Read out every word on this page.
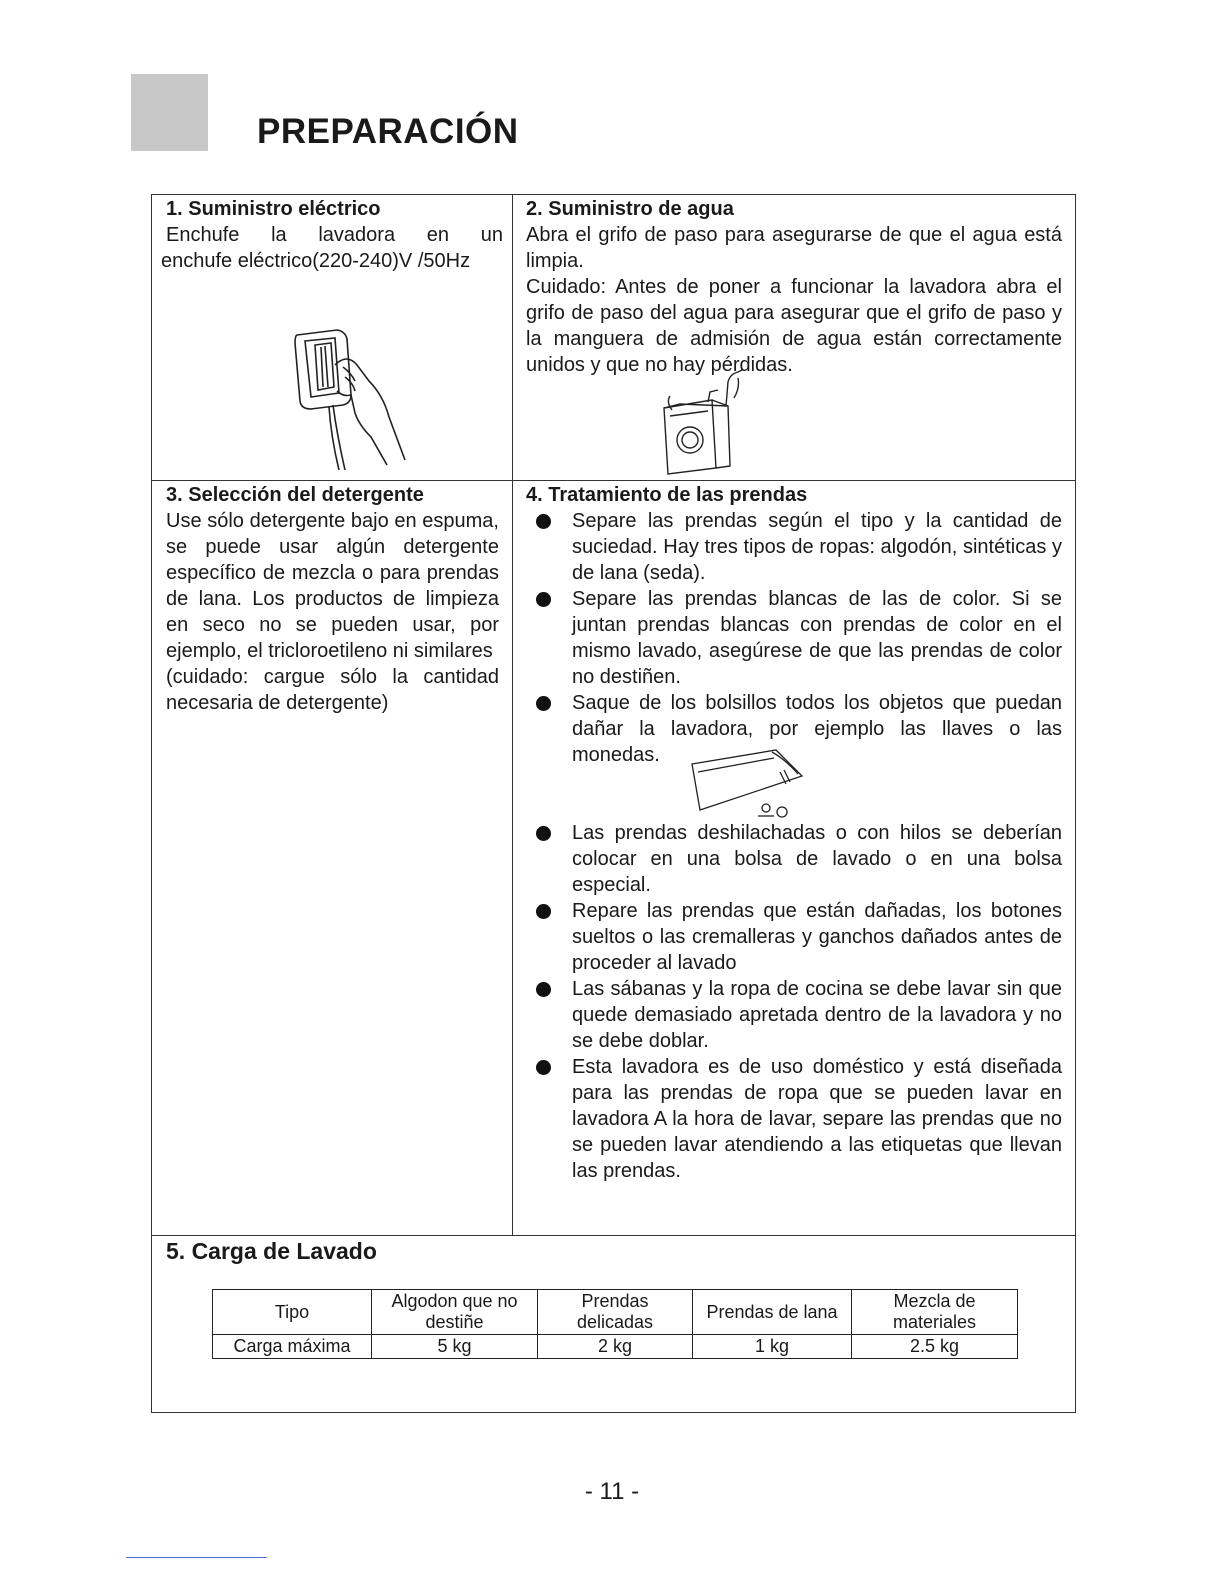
PREPARACIÓN
1. Suministro eléctrico

Enchufe la lavadora en un

enchufe eléctrico(220-240)V /50Hz

2. Suministro de agua

Abra el grifo de paso para asegurarse de que el agua está limpia.

Cuidado: Antes de poner a funcionar la lavadora abra el grifo de paso del agua para asegurar que el grifo de paso y la manguera de admisión de agua están correctamente unidos y que no hay pérdidas.

3. Selección del detergente

Use sólo detergente bajo en espuma, se puede usar algún detergente específico de mezcla o para prendas de lana. Los productos de limpieza en seco no se pueden usar, por ejemplo, el tricloroetileno ni similares

(cuidado: cargue sólo la cantidad necesaria de detergente)

4. Tratamiento de las prendas
Separe las prendas según el tipo y la cantidad de suciedad. Hay tres tipos de ropas: algodón, sintéticas y de lana (seda).
Separe las prendas blancas de las de color. Si se juntan prendas blancas con prendas de color en el mismo lavado, asegúrese de que las prendas de color no destiñen.
Saque de los bolsillos todos los objetos que puedan dañar la lavadora, por ejemplo las llaves o las monedas.
Las prendas deshilachadas o con hilos se deberían colocar en una bolsa de lavado o en una bolsa especial.
Repare las prendas que están dañadas, los botones sueltos o las cremalleras y ganchos dañados antes de proceder al lavado
Las sábanas y la ropa de cocina se debe lavar sin que quede demasiado apretada dentro de la lavadora y no se debe doblar.
Esta lavadora es de uso doméstico y está diseñada para las prendas de ropa que se pueden lavar en lavadora A la hora de lavar, separe las prendas que no se pueden lavar atendiendo a las etiquetas que llevan las prendas.
5. Carga de Lavado
Tipo	Algodon que no destiñe	Prendas delicadas	Prendas de lana	Mezcla de materiales
Carga máxima	5 kg	2 kg	1 kg	2.5 kg
- 11 -
